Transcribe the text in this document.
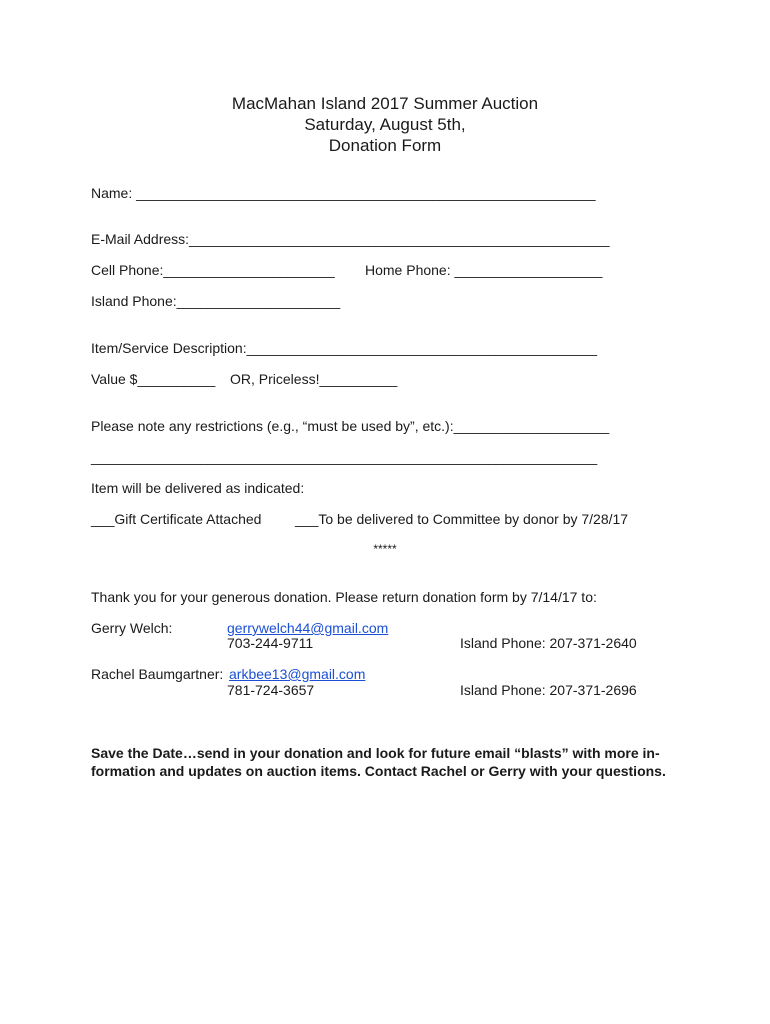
MacMahan Island 2017 Summer Auction
Saturday, August 5th,
Donation Form
Name: ___________________________________________________________
E-Mail Address:______________________________________________________
Cell Phone:______________________ Home Phone: ___________________
Island Phone:_____________________
Item/Service Description:_____________________________________________
Value $__________ OR, Priceless!__________
Please note any restrictions (e.g., “must be used by”, etc.):____________________
_________________________________________________________________
Item will be delivered as indicated:
___Gift Certificate Attached ___To be delivered to Committee by donor by 7/28/17
*****
Thank you for your generous donation. Please return donation form by 7/14/17 to:
Gerry Welch:	gerrywelch44@gmail.com
703-244-9711	Island Phone: 207-371-2640
Rachel Baumgartner: arkbee13@gmail.com
781-724-3657	Island Phone: 207-371-2696
Save the Date…send in your donation and look for future email “blasts” with more in-
formation and updates on auction items. Contact Rachel or Gerry with your questions.
